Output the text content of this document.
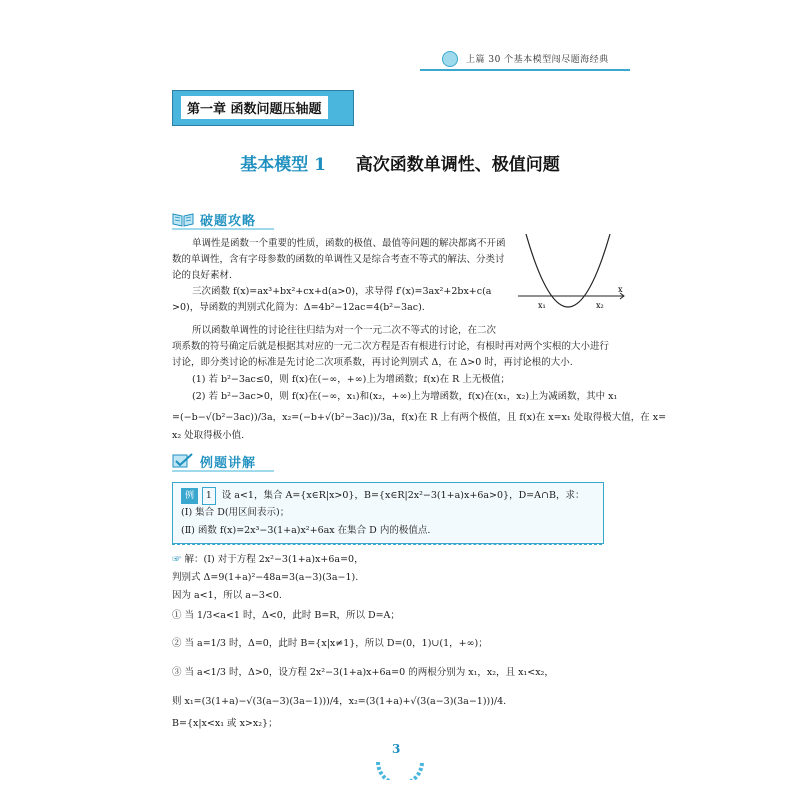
上篇 30 个基本模型闯尽题海经典
第一章 函数问题压轴题
基本模型 1 高次函数单调性、极值问题
破题攻略
单调性是函数一个重要的性质，函数的极值、最值等问题的解决都离不开函
数的单调性，含有字母参数的函数的单调性又是综合考查不等式的解法、分类讨
论的良好素材.
三次函数 f(x)=ax³+bx²+cx+d(a>0)，求导得 f′(x)=3ax²+2bx+c(a
>0)，导函数的判别式化简为：Δ=4b²−12ac=4(b²−3ac).
所以函数单调性的讨论往往归结为对一个一元二次不等式的讨论，在二次
项系数的符号确定后就是根据其对应的一元二次方程是否有根进行讨论，有根时再对两个实根的大小进行
讨论，即分类讨论的标准是先讨论二次项系数，再讨论判别式 Δ，在 Δ>0 时，再讨论根的大小.
(1) 若 b²−3ac≤0，则 f(x)在(−∞，+∞)上为增函数；f(x)在 R 上无极值；
(2) 若 b²−3ac>0，则 f(x)在(−∞，x₁)和(x₂，+∞)上为增函数，f(x)在(x₁，x₂)上为减函数，其中 x₁
=(−b−√(b²−3ac))/3a，x₂=(−b+√(b²−3ac))/3a，f(x)在 R 上有两个极值，且 f(x)在 x=x₁ 处取得极大值，在 x=
x₂ 处取得极小值.
x₁	x₂
x
例题讲解
例 1 设 a<1，集合 A={x∈R|x>0}，B={x∈R|2x²−3(1+a)x+6a>0}，D=A∩B，求：
(Ⅰ) 集合 D(用区间表示)；
(Ⅱ) 函数 f(x)=2x³−3(1+a)x²+6ax 在集合 D 内的极值点.
☞ 解：(Ⅰ) 对于方程 2x²−3(1+a)x+6a=0，
判别式 Δ=9(1+a)²−48a=3(a−3)(3a−1).
因为 a<1，所以 a−3<0.
① 当 1/3<a<1 时，Δ<0，此时 B=R，所以 D=A；
② 当 a=1/3 时，Δ=0，此时 B={x|x≠1}，所以 D=(0，1)∪(1，+∞)；
③ 当 a<1/3 时，Δ>0，设方程 2x²−3(1+a)x+6a=0 的两根分别为 x₁，x₂，且 x₁<x₂，
则 x₁=(3(1+a)−√(3(a−3)(3a−1)))/4，x₂=(3(1+a)+√(3(a−3)(3a−1)))/4.
B={x|x<x₁ 或 x>x₂}；
3
